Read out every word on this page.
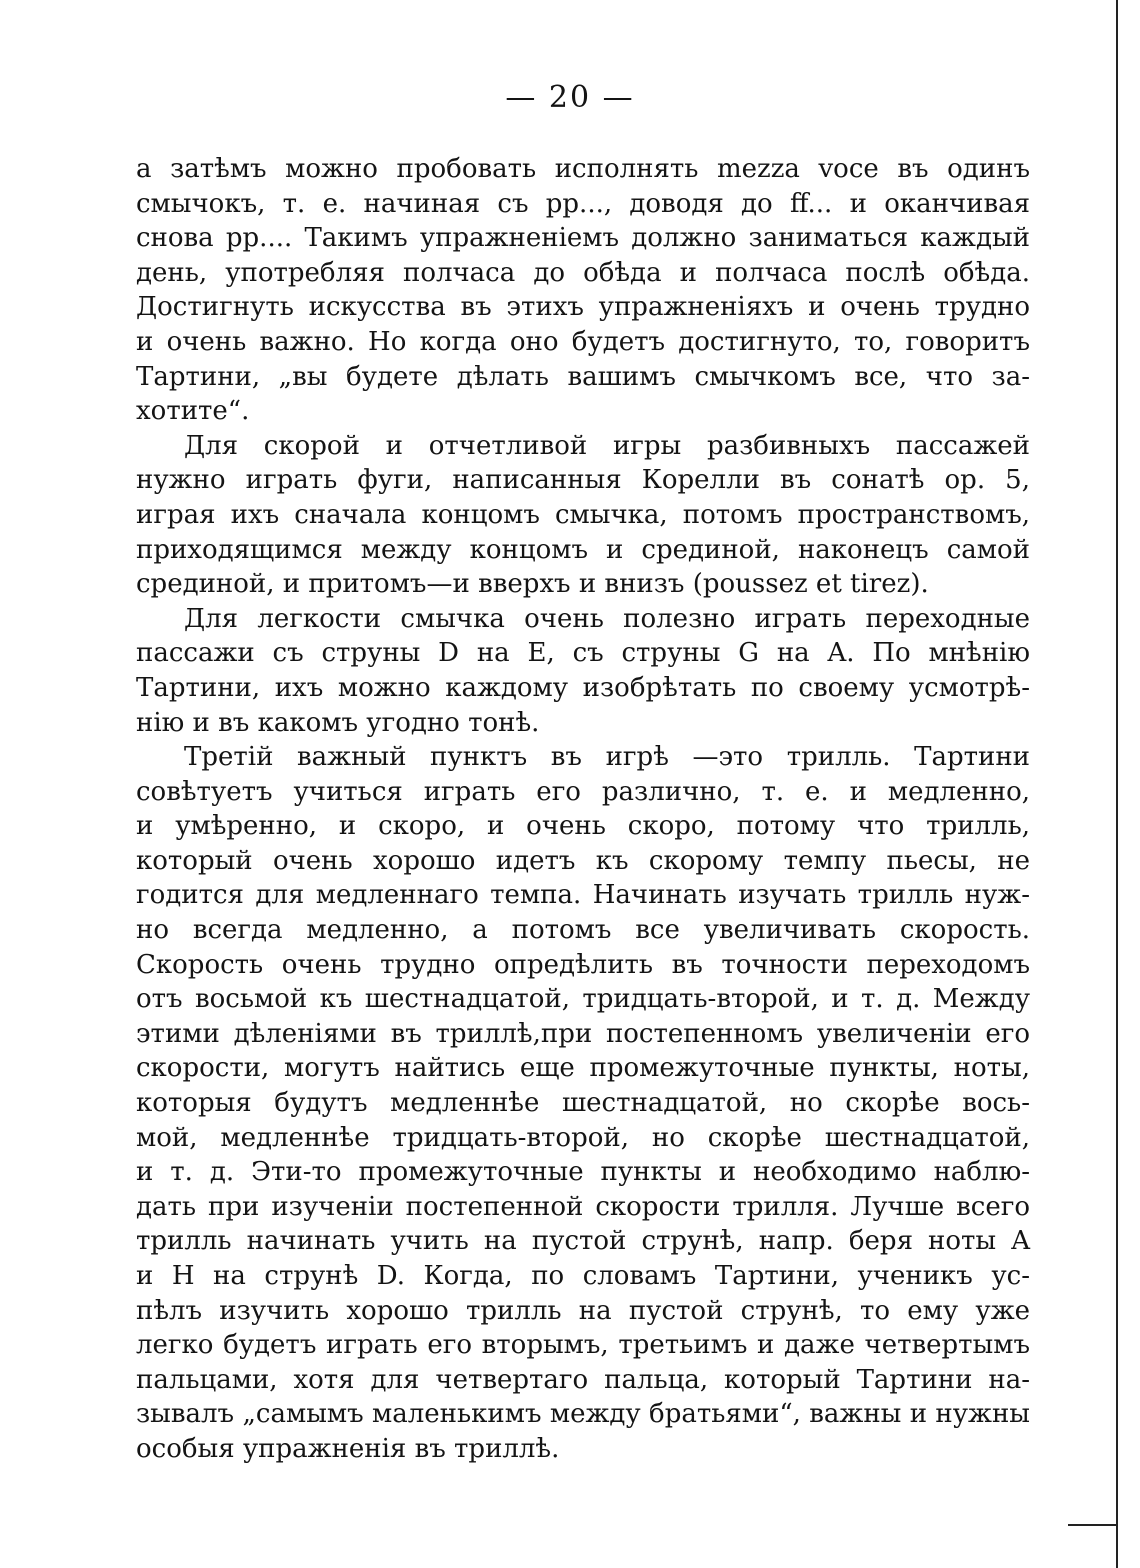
— 20 —
а затѣмъ можно пробовать исполнять mezza voce въ одинъ
смычокъ, т. е. начиная съ pp..., доводя до ff... и оканчивая
снова pp.... Такимъ упражненіемъ должно заниматься каждый
день, употребляя полчаса до обѣда и полчаса послѣ обѣда.
Достигнуть искусства въ этихъ упражненіяхъ и очень трудно
и очень важно. Но когда оно будетъ достигнуто, то, говоритъ
Тартини, „вы будете дѣлать вашимъ смычкомъ все, что за-
хотите“.
Для скорой и отчетливой игры разбивныхъ пассажей
нужно играть фуги, написанныя Корелли въ сонатѣ ор. 5,
играя ихъ сначала концомъ смычка, потомъ пространствомъ,
приходящимся между концомъ и срединой, наконецъ самой
срединой, и притомъ—и вверхъ и внизъ (poussez et tirez).
Для легкости смычка очень полезно играть переходные
пассажи съ струны D на E, съ струны G на A. По мнѣнію
Тартини, ихъ можно каждому изобрѣтать по своему усмотрѣ-
нію и въ какомъ угодно тонѣ.
Третій важный пунктъ въ игрѣ —это трилль. Тартини
совѣтуетъ учиться играть его различно, т. е. и медленно,
и умѣренно, и скоро, и очень скоро, потому что трилль,
который очень хорошо идетъ къ скорому темпу пьесы, не
годится для медленнаго темпа. Начинать изучать трилль нуж-
но всегда медленно, а потомъ все увеличивать скорость.
Скорость очень трудно опредѣлить въ точности переходомъ
отъ восьмой къ шестнадцатой, тридцать-второй, и т. д. Между
этими дѣленіями въ триллѣ,при постепенномъ увеличеніи его
скорости, могутъ найтись еще промежуточные пункты, ноты,
которыя будутъ медленнѣе шестнадцатой, но скорѣе вось-
мой, медленнѣе тридцать-второй, но скорѣе шестнадцатой,
и т. д. Эти-то промежуточные пункты и необходимо наблю-
дать при изученіи постепенной скорости трилля. Лучше всего
трилль начинать учить на пустой струнѣ, напр. беря ноты A
и H на струнѣ D. Когда, по словамъ Тартини, ученикъ ус-
пѣлъ изучить хорошо трилль на пустой струнѣ, то ему уже
легко будетъ играть его вторымъ, третьимъ и даже четвертымъ
пальцами, хотя для четвертаго пальца, который Тартини на-
зывалъ „самымъ маленькимъ между братьями“, важны и нужны
особыя упражненія въ триллѣ.
